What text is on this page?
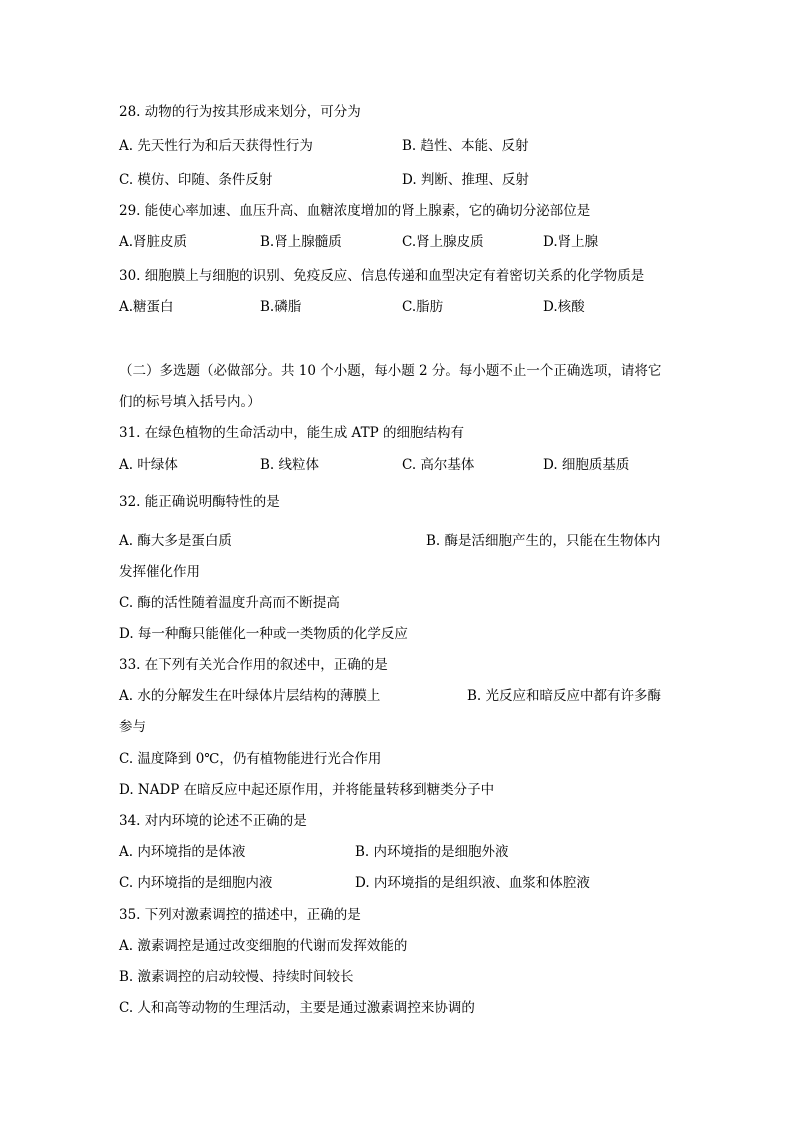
28. 动物的行为按其形成来划分，可分为
A. 先天性行为和后天获得性行为	B. 趋性、本能、反射
C. 模仿、印随、条件反射	D. 判断、推理、反射
29. 能使心率加速、血压升高、血糖浓度增加的肾上腺素，它的确切分泌部位是
A.肾脏皮质	B.肾上腺髓质	C.肾上腺皮质	D.肾上腺
30. 细胞膜上与细胞的识别、免疫反应、信息传递和血型决定有着密切关系的化学物质是
A.糖蛋白	B.磷脂	C.脂肪	D.核酸
（二）多选题（必做部分。共 10 个小题，每小题 2 分。每小题不止一个正确选项，请将它
们的标号填入括号内。）
31. 在绿色植物的生命活动中，能生成 ATP 的细胞结构有
A. 叶绿体	B. 线粒体	C. 高尔基体	D. 细胞质基质
32. 能正确说明酶特性的是
A. 酶大多是蛋白质	B. 酶是活细胞产生的，只能在生物体内
发挥催化作用
C. 酶的活性随着温度升高而不断提高
D. 每一种酶只能催化一种或一类物质的化学反应
33. 在下列有关光合作用的叙述中，正确的是
A. 水的分解发生在叶绿体片层结构的薄膜上	B. 光反应和暗反应中都有许多酶
参与
C. 温度降到 0℃，仍有植物能进行光合作用
D. NADP 在暗反应中起还原作用，并将能量转移到糖类分子中
34. 对内环境的论述不正确的是
A. 内环境指的是体液	B. 内环境指的是细胞外液
C. 内环境指的是细胞内液	D. 内环境指的是组织液、血浆和体腔液
35. 下列对激素调控的描述中，正确的是
A. 激素调控是通过改变细胞的代谢而发挥效能的
B. 激素调控的启动较慢、持续时间较长
C. 人和高等动物的生理活动，主要是通过激素调控来协调的
